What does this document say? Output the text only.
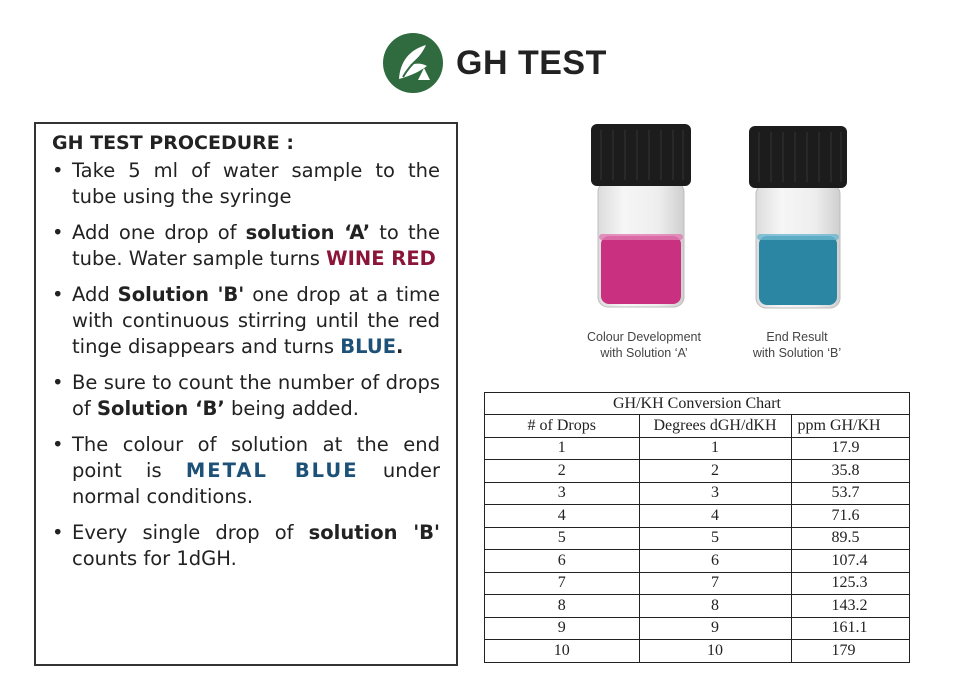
GH TEST
GH TEST PROCEDURE :
• Take 5 ml of water sample to the tube using the syringe
• Add one drop of solution ‘A’ to the tube. Water sample turns WINE RED
• Add Solution 'B' one drop at a time with continuous stirring until the red tinge disappears and turns BLUE.
• Be sure to count the number of drops of Solution ‘B’ being added.
• The colour of solution at the end point is METAL BLUE under normal conditions.
• Every single drop of solution 'B' counts for 1dGH.
Colour Development
with Solution ‘A’
End Result
with Solution ‘B’
GH/KH Conversion Chart
# of Drops	Degrees dGH/dKH	ppm GH/KH
1	1	17.9
2	2	35.8
3	3	53.7
4	4	71.6
5	5	89.5
6	6	107.4
7	7	125.3
8	8	143.2
9	9	161.1
10	10	179
